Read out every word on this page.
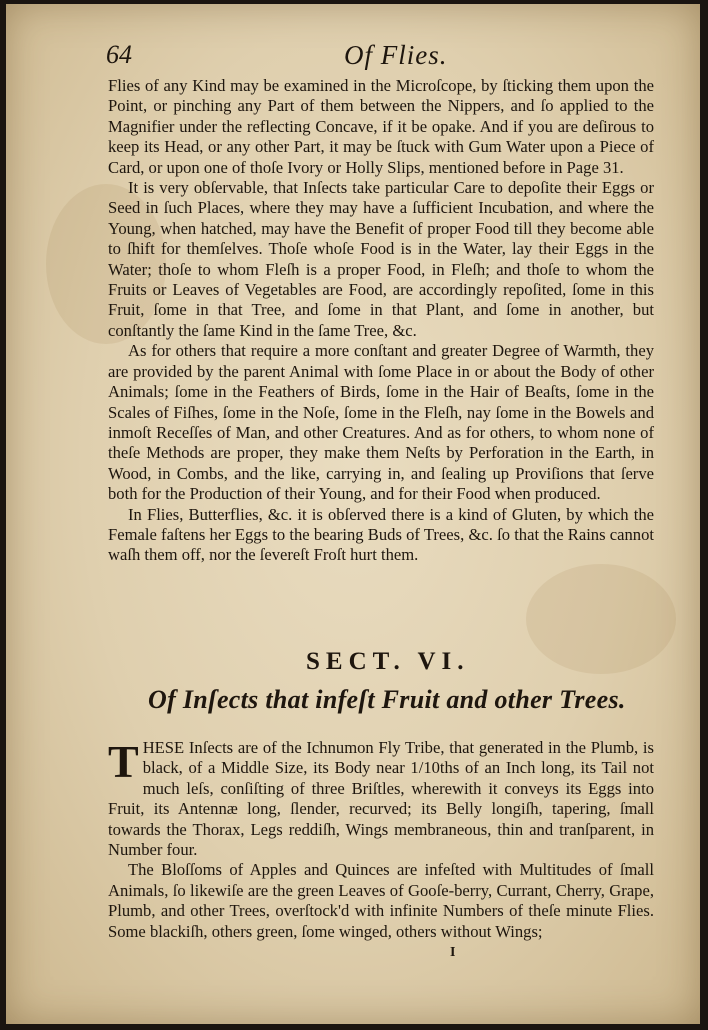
64	Of Flies.

Flies of any Kind may be examined in the Microſcope, by ſticking them upon the Point, or pinching any Part of them between the Nippers, and ſo applied to the Magnifier under the reflecting Concave, if it be opake. And if you are deſirous to keep its Head, or any other Part, it may be ſtuck with Gum Water upon a Piece of Card, or upon one of thoſe Ivory or Holly Slips, mentioned before in Page 31.

It is very obſervable, that Inſects take particular Care to depoſite their Eggs or Seed in ſuch Places, where they may have a ſufficient Incubation, and where the Young, when hatched, may have the Benefit of proper Food till they become able to ſhift for themſelves. Thoſe whoſe Food is in the Water, lay their Eggs in the Water; thoſe to whom Fleſh is a proper Food, in Fleſh; and thoſe to whom the Fruits or Leaves of Vegetables are Food, are accordingly repoſited, ſome in this Fruit, ſome in that Tree, and ſome in that Plant, and ſome in another, but conſtantly the ſame Kind in the ſame Tree, &c.

As for others that require a more conſtant and greater Degree of Warmth, they are provided by the parent Animal with ſome Place in or about the Body of other Animals; ſome in the Feathers of Birds, ſome in the Hair of Beaſts, ſome in the Scales of Fiſhes, ſome in the Noſe, ſome in the Fleſh, nay ſome in the Bowels and inmoſt Receſſes of Man, and other Creatures. And as for others, to whom none of theſe Methods are proper, they make them Neſts by Perforation in the Earth, in Wood, in Combs, and the like, carrying in, and ſealing up Proviſions that ſerve both for the Production of their Young, and for their Food when produced.

In Flies, Butterflies, &c. it is obſerved there is a kind of Gluten, by which the Female faſtens her Eggs to the bearing Buds of Trees, &c. ſo that the Rains cannot waſh them off, nor the ſevereſt Froſt hurt them.

SECT. VI.
Of Inſects that infeſt Fruit and other Trees.

THESE Inſects are of the Ichnumon Fly Tribe, that generated in the Plumb, is black, of a Middle Size, its Body near 1/10ths of an Inch long, its Tail not much leſs, conſiſting of three Briſtles, wherewith it conveys its Eggs into Fruit, its Antennæ long, ſlender, recurved; its Belly longiſh, tapering, ſmall towards the Thorax, Legs reddiſh, Wings membraneous, thin and tranſparent, in Number four.

The Bloſſoms of Apples and Quinces are infeſted with Multitudes of ſmall Animals, ſo likewiſe are the green Leaves of Gooſe-berry, Currant, Cherry, Grape, Plumb, and other Trees, overſtock'd with infinite Numbers of theſe minute Flies. Some blackiſh, others green, ſome winged, others without Wings;

I
